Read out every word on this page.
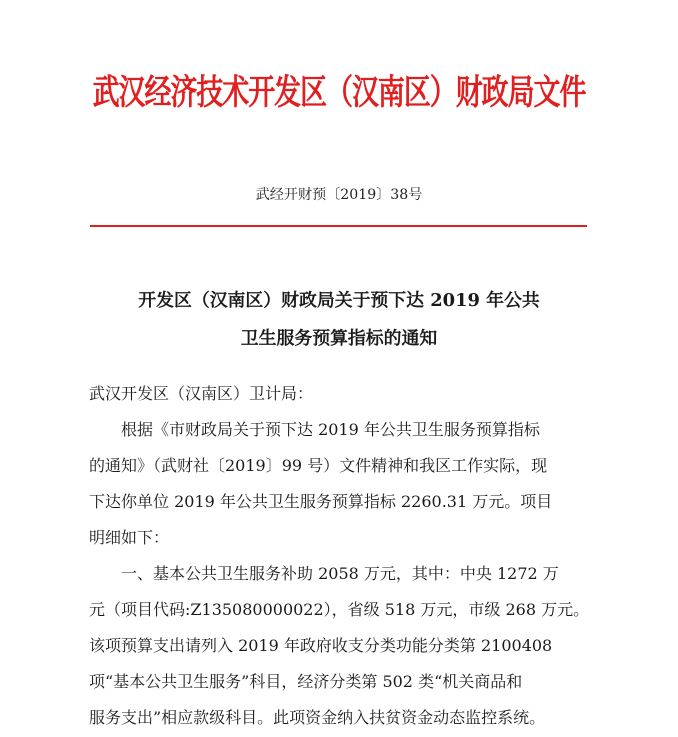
武汉经济技术开发区（汉南区）财政局文件
武经开财预〔2019〕38号
开发区（汉南区）财政局关于预下达 2019 年公共
卫生服务预算指标的通知
武汉开发区（汉南区）卫计局：
根据《市财政局关于预下达 2019 年公共卫生服务预算指标
的通知》（武财社〔2019〕99 号）文件精神和我区工作实际，现
下达你单位 2019 年公共卫生服务预算指标 2260.31 万元。项目
明细如下：
一、基本公共卫生服务补助 2058 万元，其中：中央 1272 万
元（项目代码:Z135080000022），省级 518 万元，市级 268 万元。
该项预算支出请列入 2019 年政府收支分类功能分类第 2100408
项“基本公共卫生服务”科目，经济分类第 502 类“机关商品和
服务支出”相应款级科目。此项资金纳入扶贫资金动态监控系统。
